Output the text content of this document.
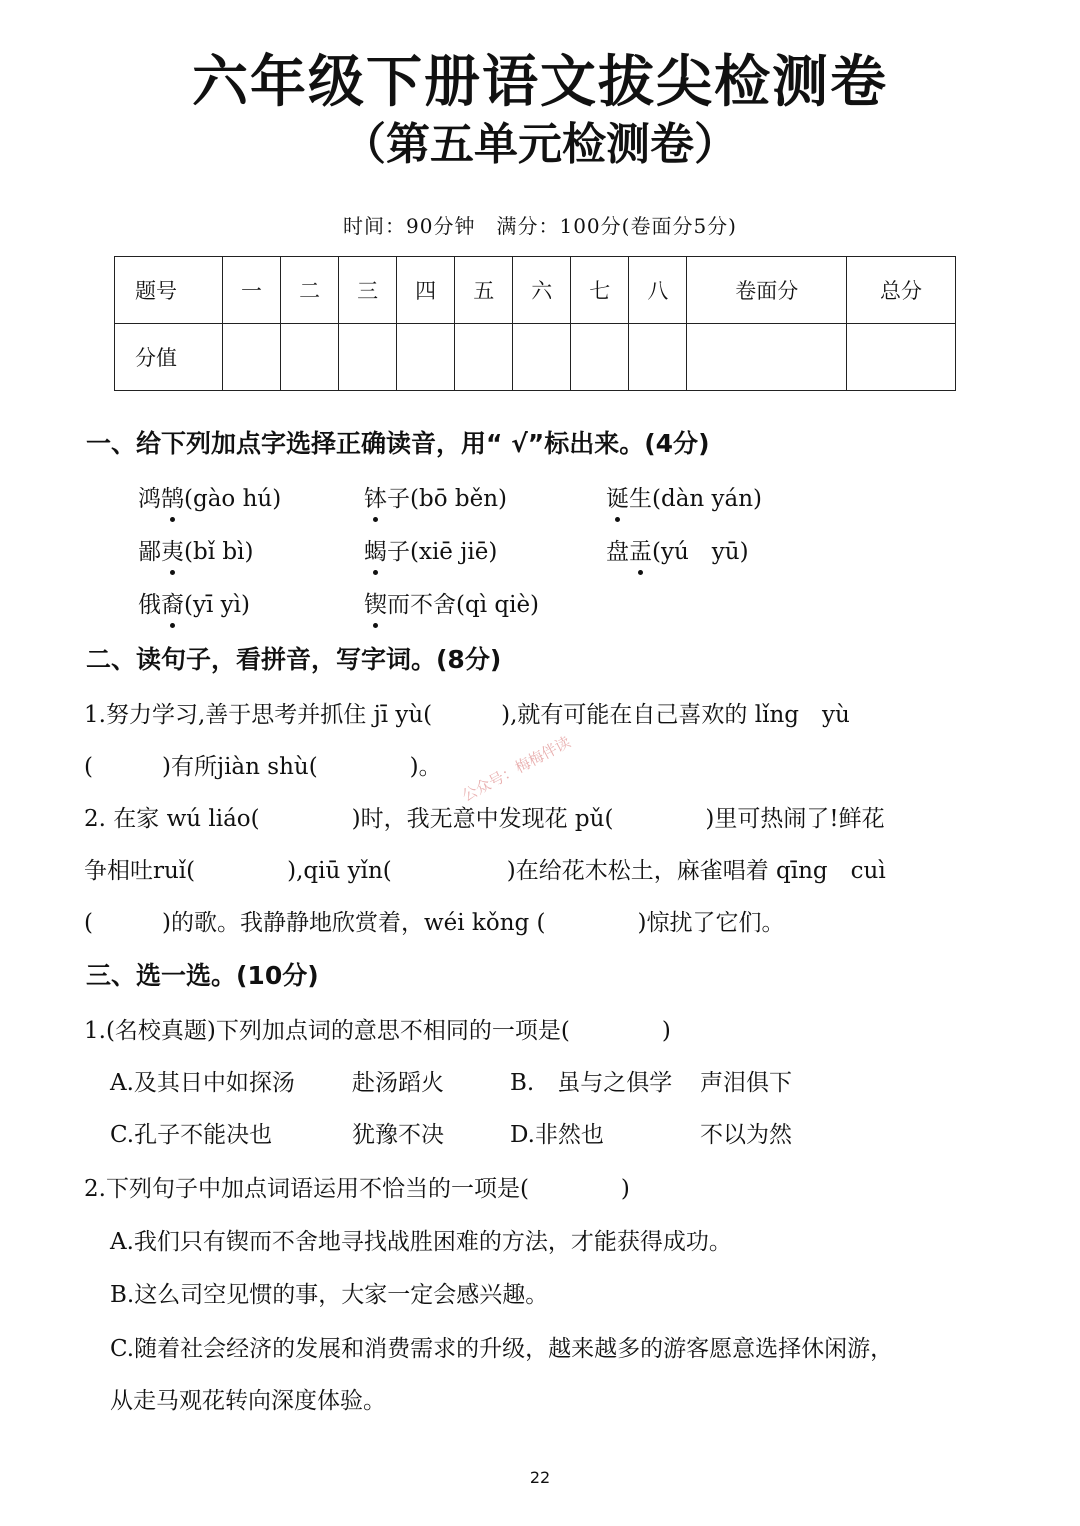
六年级下册语文拔尖检测卷
（第五单元检测卷）
时间：90分钟　满分：100分(卷面分5分)
题号	一	二	三	四	五	六	七	八	卷面分	总分
分值										
一、给下列加点字选择正确读音，用“ √”标出来。(4分)
鸿鹄(gào hú)	钵子(bō běn)	诞生(dàn yán)
鄙夷(bǐ bì)	蝎子(xiē jiē)	盘盂(yú　yū)
俄裔(yī yì)	锲而不舍(qì qiè)
二、读句子，看拼音，写字词。(8分)
1.努力学习,善于思考并抓住 jī yù(　　　),就有可能在自己喜欢的 lǐng　yù
(　　　)有所jiàn shù(　　　　)。
2. 在家 wú liáo(　　　　)时，我无意中发现花 pǔ(　　　　)里可热闹了!鲜花
争相吐ruǐ(　　　　),qiū yǐn(　　　　　)在给花木松土，麻雀唱着 qīng　cuì
(　　　)的歌。我静静地欣赏着，wéi kǒng (　　　　)惊扰了它们。
三、选一选。(10分)
1.(名校真题)下列加点词的意思不相同的一项是(　　　　)
A.及其日中如探汤 赴汤蹈火	B.　虽与之俱学 声泪俱下
C.孔子不能决也	犹豫不决	D.非然也	不以为然
2.下列句子中加点词语运用不恰当的一项是(　　　　)
A.我们只有锲而不舍地寻找战胜困难的方法，才能获得成功。
B.这么司空见惯的事，大家一定会感兴趣。
C.随着社会经济的发展和消费需求的升级，越来越多的游客愿意选择休闲游，
从走马观花转向深度体验。
公众号：梅梅伴读
22
